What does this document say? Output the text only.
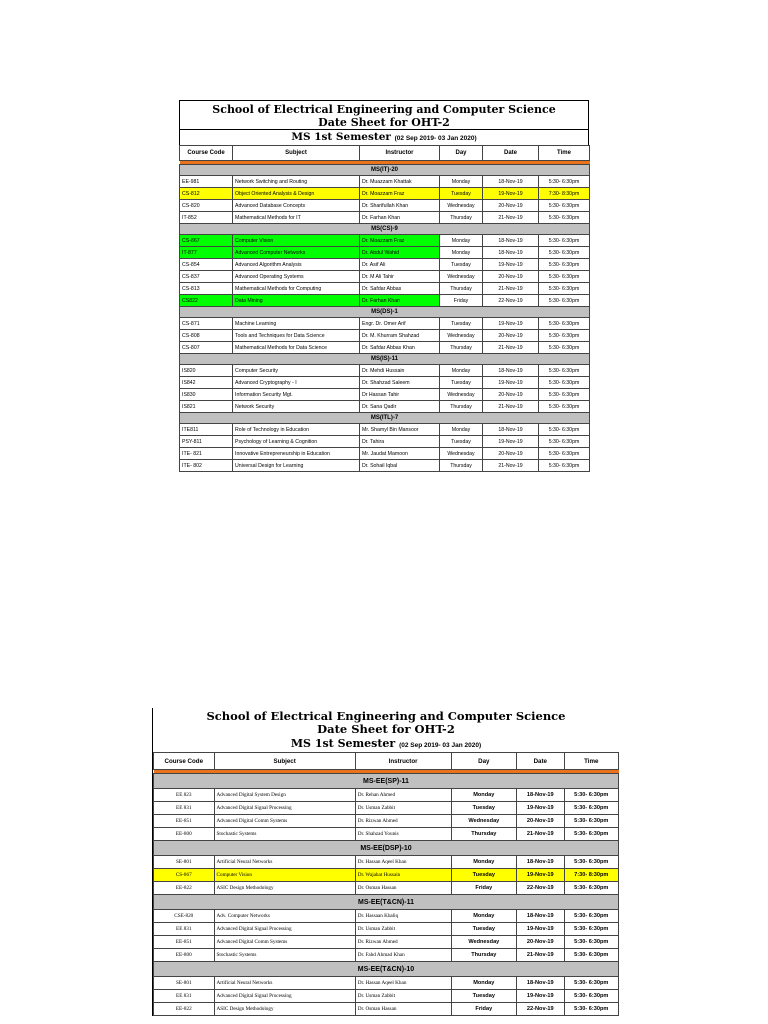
School of Electrical Engineering and Computer Science
Date Sheet for OHT-2
MS 1st Semester (02 Sep 2019- 03 Jan 2020)
Course Code	Subject	Instructor	Day	Date	Time

MS(IT)-20					
EE-981	Network Switching and Routing	Dr. Muazzam Khattak	Monday	18-Nov-19	5:30- 6:30pm
CS-812	Object Oriented Analysis & Design	Dr. Moazzam Fraz	Tuesday	19-Nov-19	7:30- 8:30pm
CS-820	Advanced Database Concepts	Dr. Sharifullah Khan	Wednesday	20-Nov-19	5:30- 6:30pm
IT-852	Mathematical Methods for IT	Dr. Farhan Khan	Thursday	21-Nov-19	5:30- 6:30pm
MS(CS)-9					
CS-867	Computer Vision	Dr. Moazzam Fraz	Monday	18-Nov-19	5:30- 6:30pm
IT-877	Advanced Computer Networks	Dr. Abdul Wahid	Monday	18-Nov-19	5:30- 6:30pm
CS-854	Advanced Algorithm Analysis	Dr. Asif Ali	Tuesday	19-Nov-19	5:30- 6:30pm
CS-837	Advanced Operating Systems	Dr. M Ali Tahir	Wednesday	20-Nov-19	5:30- 6:30pm
CS-813	Mathematical Methods for Computing	Dr. Safdar Abbas	Thursday	21-Nov-19	5:30- 6:30pm
CS822	Data Mining	Dr. Farhan Khan	Friday	22-Nov-19	5:30- 6:30pm
MS(DS)-1					
CS-871	Machine Learning	Engr. Dr. Omer Arif	Tuesday	19-Nov-19	5:30- 6:30pm
CS-808	Tools and Techniques for Data Science	Dr. M. Khurram Shahzad	Wednesday	20-Nov-19	5:30- 6:30pm
CS-807	Mathematical Methods for Data Science	Dr. Safdar Abbas Khan	Thursday	21-Nov-19	5:30- 6:30pm
MS(IS)-11					
IS820	Computer Security	Dr. Mehdi Hussain	Monday	18-Nov-19	5:30- 6:30pm
IS842	Advanced Cryptography - I	Dr. Shahzad Saleem	Tuesday	19-Nov-19	5:30- 6:30pm
IS830	Information Security Mgt.	Dr Hassan Tahir	Wednesday	20-Nov-19	5:30- 6:30pm
IS821	Network Security	Dr. Sana Qadir	Thursday	21-Nov-19	5:30- 6:30pm
MS(ITL)-7					
ITE811	Role of Technology in Education	Mr. Shamyl Bin Mansoor	Monday	18-Nov-19	5:30- 6:30pm
PSY-811	Psychology of Learning & Cognition	Dr. Tahira	Tuesday	19-Nov-19	5:30- 6:30pm
ITE- 821	Innovative Entrepreneurship in Education	Mr. Jaudat Mamoon	Wednesday	20-Nov-19	5:30- 6:30pm
ITE- 802	Universal Design for Learning	Dr. Sohail Iqbal	Thursday	21-Nov-19	5:30- 6:30pm
School of Electrical Engineering and Computer Science
Date Sheet for OHT-2
MS 1st Semester (02 Sep 2019- 03 Jan 2020)
Course Code	Subject	Instructor	Day	Date	Time

MS-EE(SP)-11					
EE 823	Advanced Digital System Design	Dr. Rehan Ahmed	Monday	18-Nov-19	5:30- 6:30pm
EE 831	Advanced Digital Signal Processing	Dr. Usman Zabbit	Tuesday	19-Nov-19	5:30- 6:30pm
EE-851	Advanced Digital Comm Systems	Dr. Rizwan Ahmed	Wednesday	20-Nov-19	5:30- 6:30pm
EE-800	Stochastic Systems	Dr. Shahzad Younis	Thursday	21-Nov-19	5:30- 6:30pm
MS-EE(DSP)-10					
SE-801	Artificial Neural Networks	Dr. Hassan Aqeel Khan	Monday	18-Nov-19	5:30- 6:30pm
CS-867	Computer Vision	Dr. Wajahat Hussain	Tuesday	19-Nov-19	7:30- 8:30pm
EE-822	ASIC Design Methodology	Dr. Osman Hassan	Friday	22-Nov-19	5:30- 6:30pm
MS-EE(T&CN)-11					
CSE-820	Adv. Computer Networks	Dr. Hassaan Khaliq	Monday	18-Nov-19	5:30- 6:30pm
EE 831	Advanced Digital Signal Processing	Dr. Usman Zabbit	Tuesday	19-Nov-19	5:30- 6:30pm
EE-851	Advanced Digital Comm Systems	Dr. Rizwan Ahmed	Wednesday	20-Nov-19	5:30- 6:30pm
EE-800	Stochastic Systems	Dr. Fahd Ahmad Khan	Thursday	21-Nov-19	5:30- 6:30pm
MS-EE(T&CN)-10					
SE-801	Artificial Neural Networks	Dr. Hassan Aqeel Khan	Monday	18-Nov-19	5:30- 6:30pm
EE 831	Advanced Digital Signal Processing	Dr. Usman Zabbit	Tuesday	19-Nov-19	5:30- 6:30pm
EE-822	ASIC Design Methodology	Dr. Osman Hassan	Friday	22-Nov-19	5:30- 6:30pm
